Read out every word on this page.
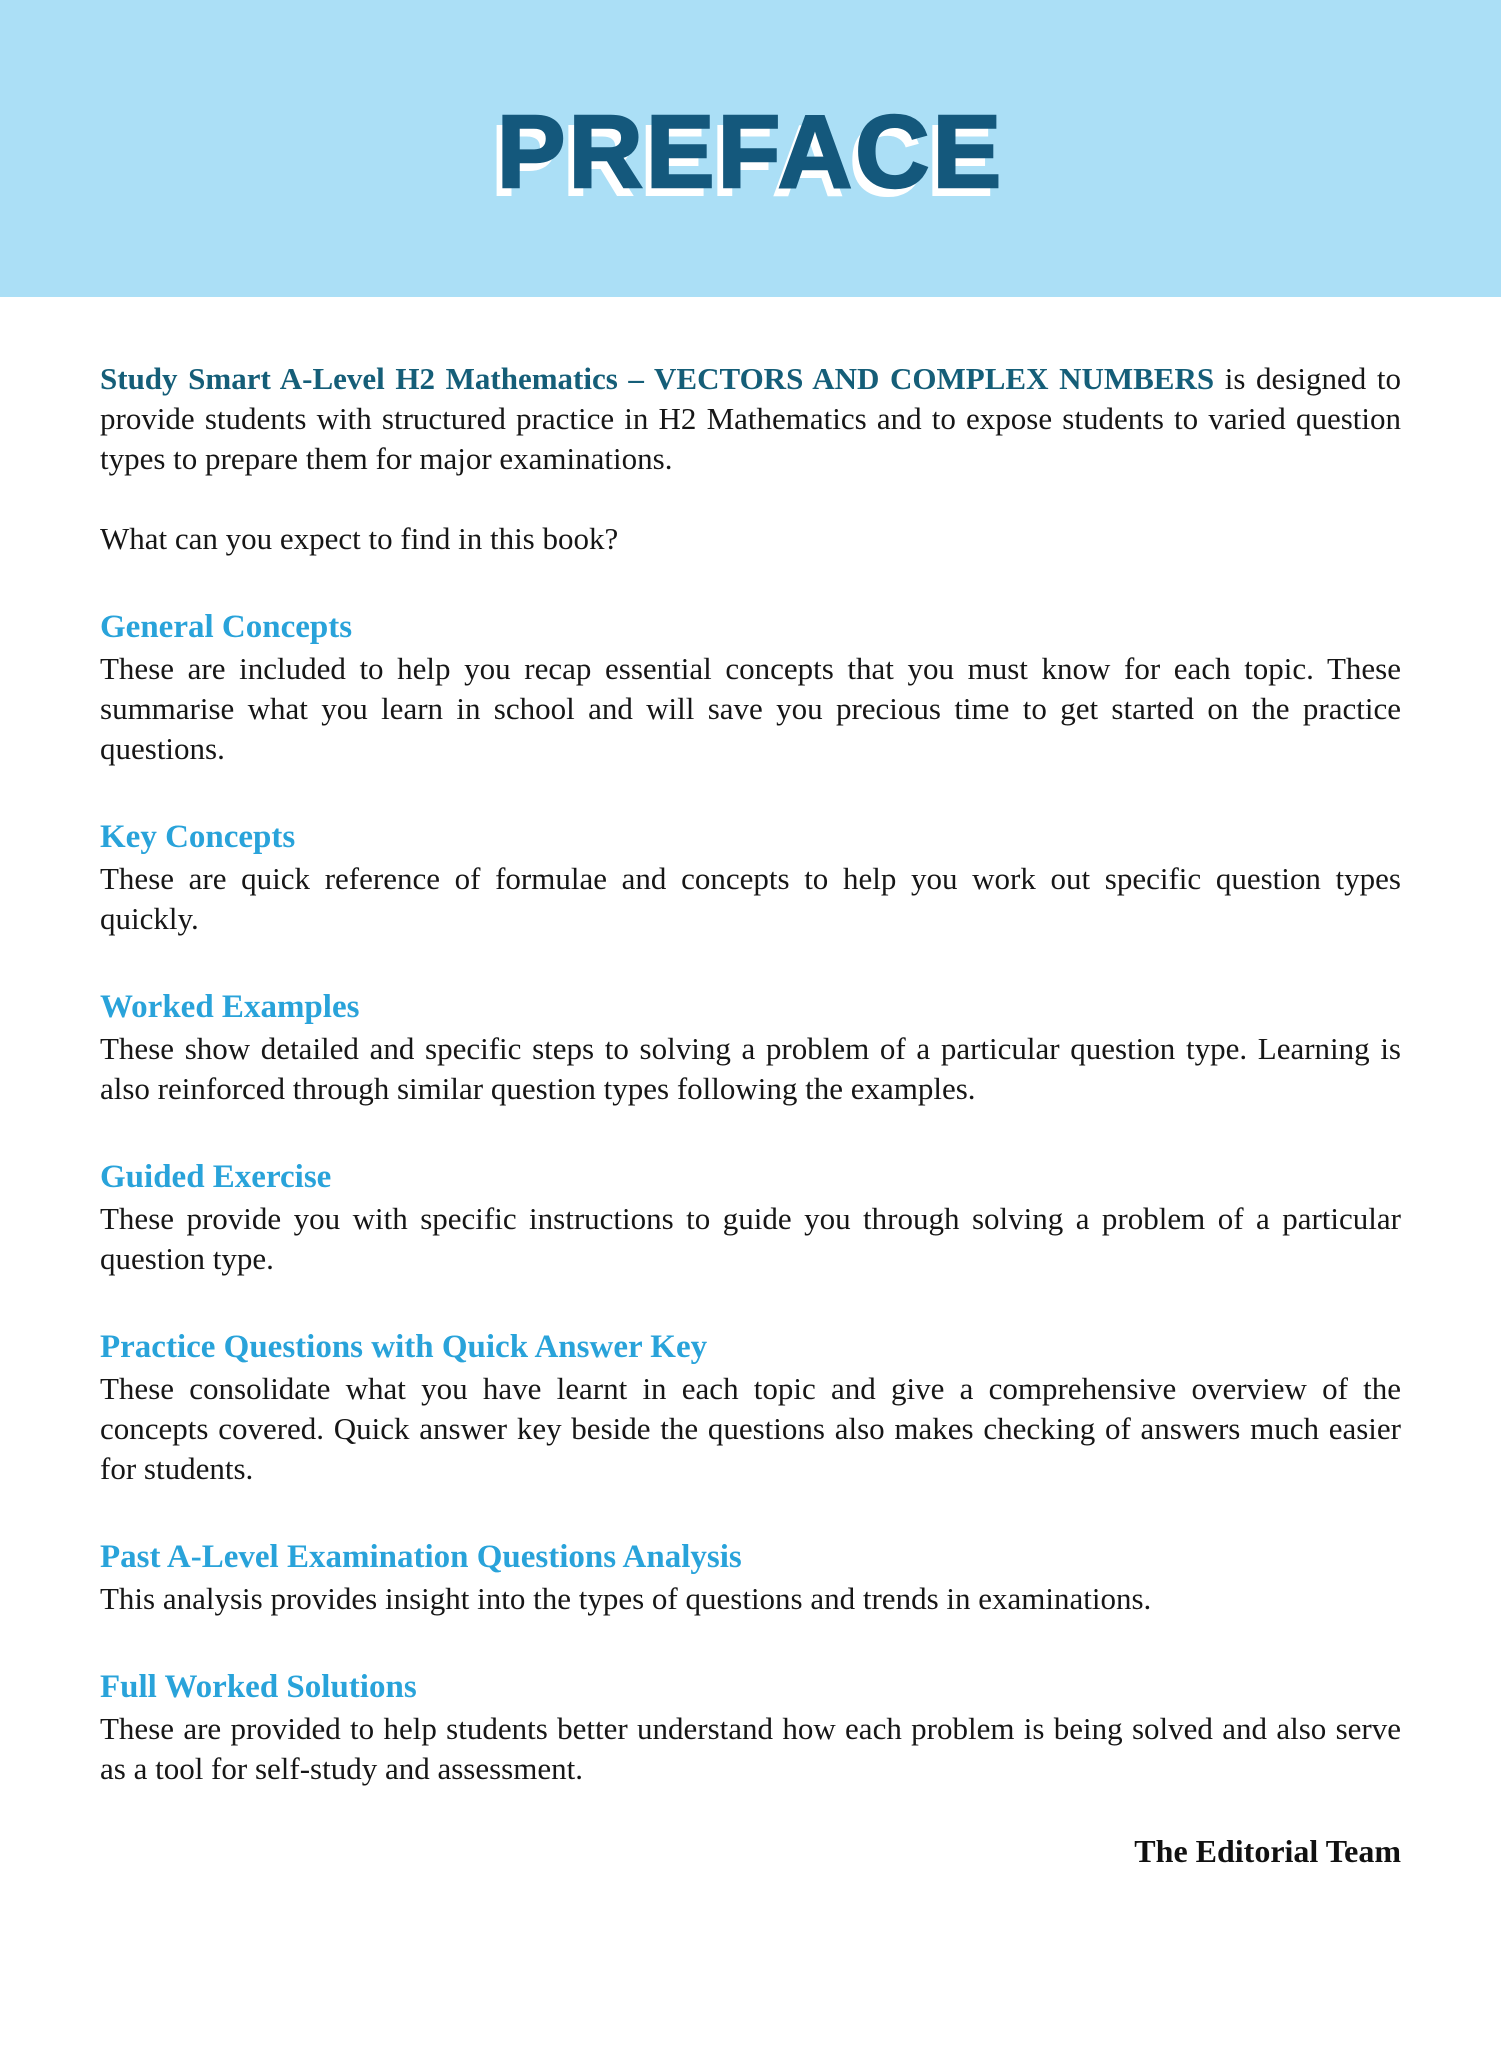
PREFACE

Study Smart A-Level H2 Mathematics – VECTORS AND COMPLEX NUMBERS is designed to provide students with structured practice in H2 Mathematics and to expose students to varied question types to prepare them for major examinations.

What can you expect to find in this book?

General Concepts

These are included to help you recap essential concepts that you must know for each topic. These summarise what you learn in school and will save you precious time to get started on the practice questions.

Key Concepts

These are quick reference of formulae and concepts to help you work out specific question types quickly.

Worked Examples

These show detailed and specific steps to solving a problem of a particular question type. Learning is also reinforced through similar question types following the examples.

Guided Exercise

These provide you with specific instructions to guide you through solving a problem of a particular question type.

Practice Questions with Quick Answer Key

These consolidate what you have learnt in each topic and give a comprehensive overview of the concepts covered. Quick answer key beside the questions also makes checking of answers much easier for students.

Past A-Level Examination Questions Analysis

This analysis provides insight into the types of questions and trends in examinations.

Full Worked Solutions

These are provided to help students better understand how each problem is being solved and also serve as a tool for self-study and assessment.

The Editorial Team
